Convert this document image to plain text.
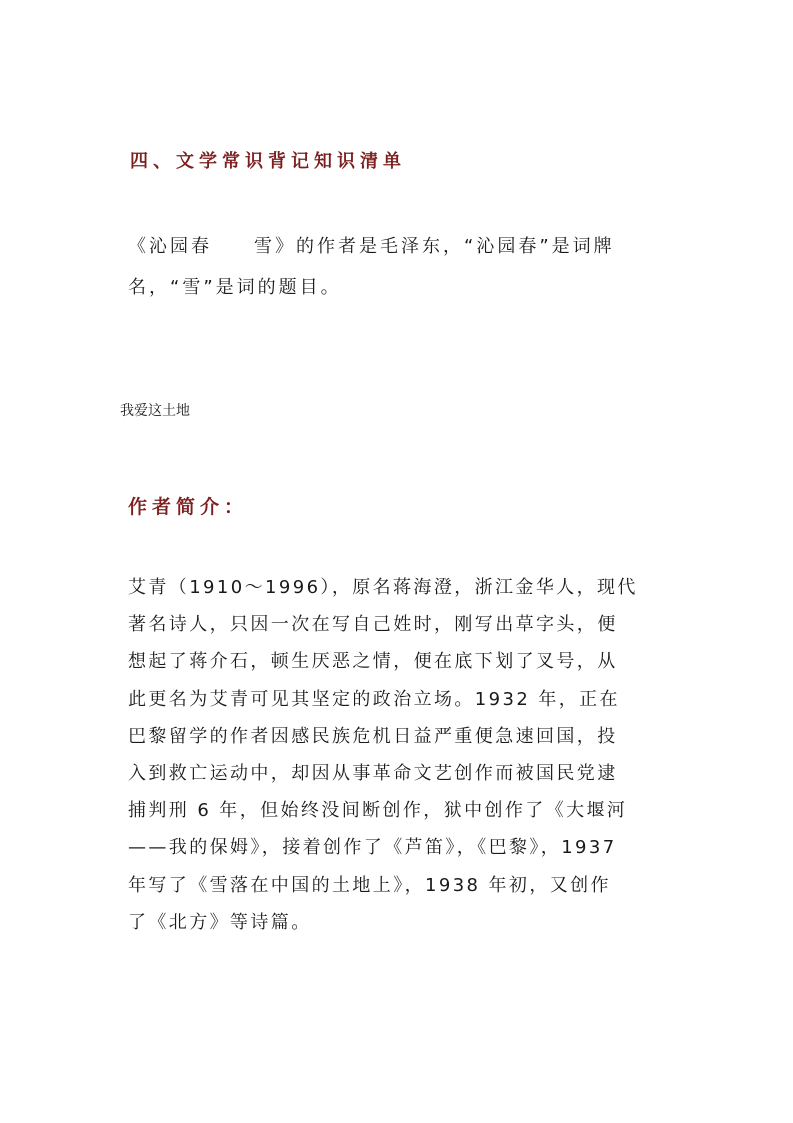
四、文学常识背记知识清单

《沁园春　　雪》的作者是毛泽东，“沁园春”是词牌

名，“雪”是词的题目。

我爱这土地
作者简介：
艾青（1910～1996），原名蒋海澄，浙江金华人，现代
著名诗人，只因一次在写自己姓时，刚写出草字头，便
想起了蒋介石，顿生厌恶之情，便在底下划了叉号，从
此更名为艾青可见其坚定的政治立场。1932 年，正在
巴黎留学的作者因感民族危机日益严重便急速回国，投
入到救亡运动中，却因从事革命文艺创作而被国民党逮
捕判刑 6 年，但始终没间断创作，狱中创作了《大堰河
——我的保姆》，接着创作了《芦笛》，《巴黎》，1937
年写了《雪落在中国的土地上》，1938 年初，又创作
了《北方》等诗篇。
